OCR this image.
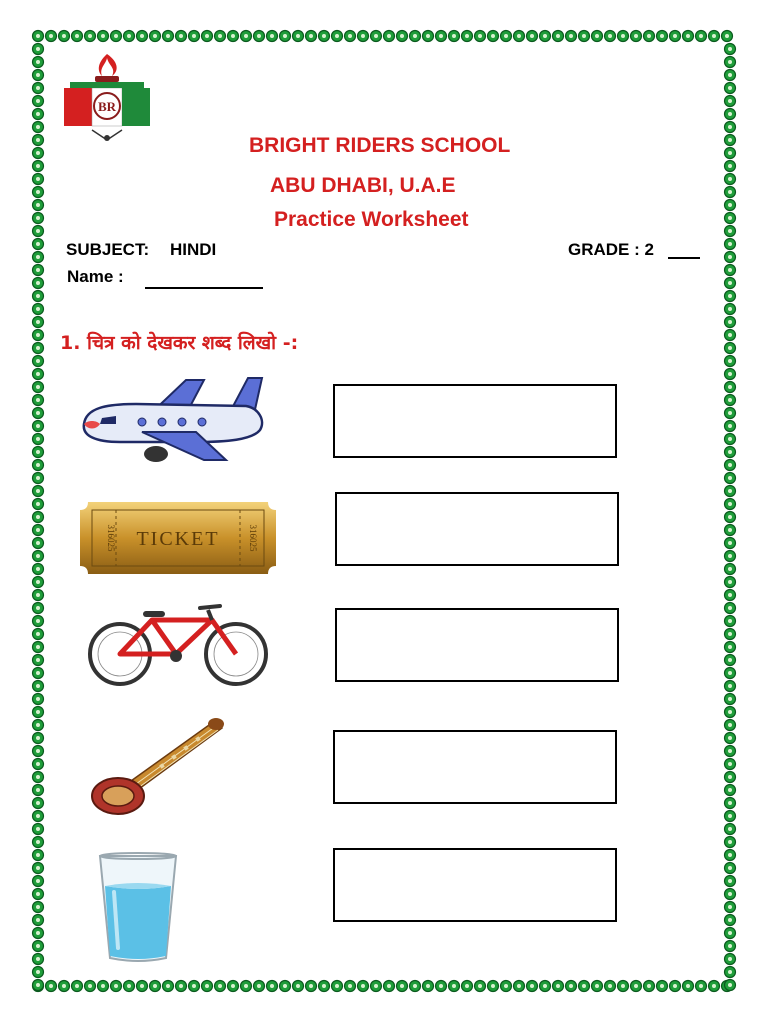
BR
BRIGHT RIDERS SCHOOL
ABU DHABI, U.A.E
Practice Worksheet
SUBJECT: HINDI	GRADE : 2
Name :
1. चित्र को देखकर शब्द लिखो -:
TICKET
316025	316025
